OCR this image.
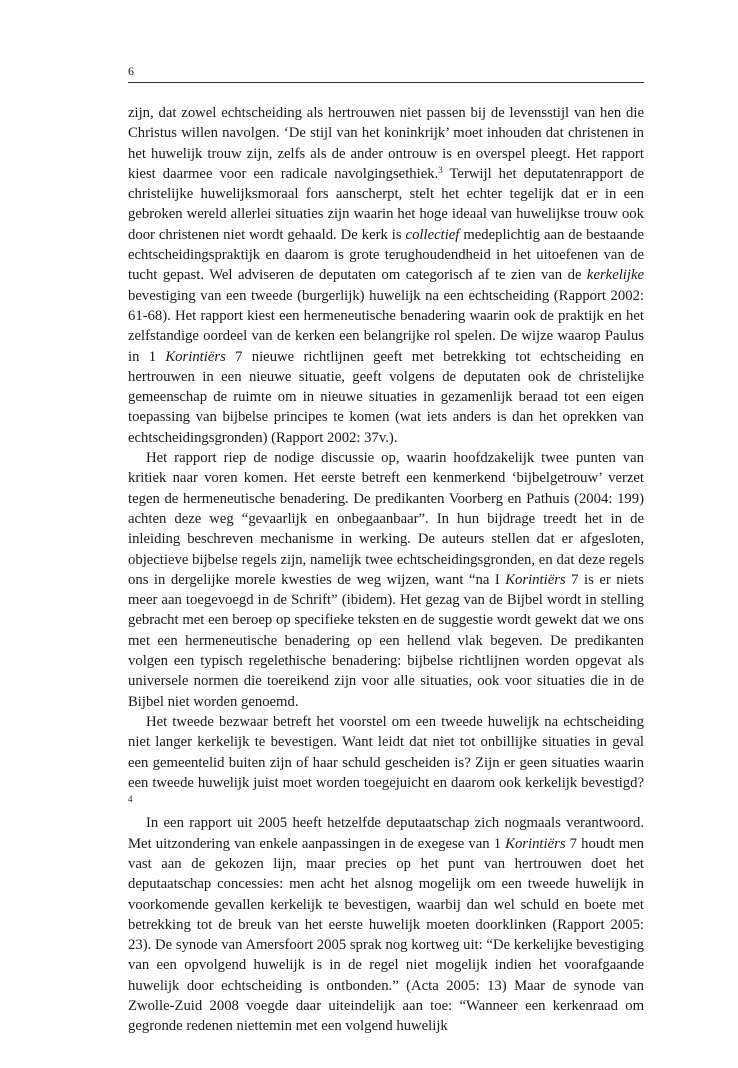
6

zijn, dat zowel echtscheiding als hertrouwen niet passen bij de levensstijl van hen die Christus willen navolgen. ‘De stijl van het koninkrijk’ moet inhouden dat christenen in het huwelijk trouw zijn, zelfs als de ander ontrouw is en overspel pleegt. Het rapport kiest daarmee voor een radicale navolgingsethiek.$^3$ Terwijl het deputatenrapport de christelijke huwelijksmoraal fors aanscherpt, stelt het echter tegelijk dat er in een gebroken wereld allerlei situaties zijn waarin het hoge ideaal van huwelijkse trouw ook door christenen niet wordt gehaald. De kerk is collectief medeplichtig aan de bestaande echtscheidingspraktijk en daarom is grote terughoudendheid in het uitoefenen van de tucht gepast. Wel adviseren de deputaten om categorisch af te zien van de kerkelijke bevestiging van een tweede (burgerlijk) huwelijk na een echtscheiding (Rapport 2002: 61-68). Het rapport kiest een hermeneutische benadering waarin ook de praktijk en het zelfstandige oordeel van de kerken een belangrijke rol spelen. De wijze waarop Paulus in 1 Korintiërs 7 nieuwe richtlijnen geeft met betrekking tot echtscheiding en hertrouwen in een nieuwe situatie, geeft volgens de deputaten ook de christelijke gemeenschap de ruimte om in nieuwe situaties in gezamenlijk beraad tot een eigen toepassing van bijbelse principes te komen (wat iets anders is dan het oprekken van echtscheidingsgronden) (Rapport 2002: 37v.).

Het rapport riep de nodige discussie op, waarin hoofdzakelijk twee punten van kritiek naar voren komen. Het eerste betreft een kenmerkend ‘bijbelgetrouw’ verzet tegen de hermeneutische benadering. De predikanten Voorberg en Pathuis (2004: 199) achten deze weg “gevaarlijk en onbegaanbaar”. In hun bijdrage treedt het in de inleiding beschreven mechanisme in werking. De auteurs stellen dat er afgesloten, objectieve bijbelse regels zijn, namelijk twee echtscheidingsgronden, en dat deze regels ons in dergelijke morele kwesties de weg wijzen, want “na I Korintiërs 7 is er niets meer aan toegevoegd in de Schrift” (ibidem). Het gezag van de Bijbel wordt in stelling gebracht met een beroep op specifieke teksten en de suggestie wordt gewekt dat we ons met een hermeneutische benadering op een hellend vlak begeven. De predikanten volgen een typisch regelethische benadering: bijbelse richtlijnen worden opgevat als universele normen die toereikend zijn voor alle situaties, ook voor situaties die in de Bijbel niet worden genoemd.

Het tweede bezwaar betreft het voorstel om een tweede huwelijk na echtscheiding niet langer kerkelijk te bevestigen. Want leidt dat niet tot onbillijke situaties in geval een gemeentelid buiten zijn of haar schuld gescheiden is? Zijn er geen situaties waarin een tweede huwelijk juist moet worden toegejuicht en daarom ook kerkelijk bevestigd?$^4$

In een rapport uit 2005 heeft hetzelfde deputaatschap zich nogmaals verantwoord. Met uitzondering van enkele aanpassingen in de exegese van 1 Korintiërs 7 houdt men vast aan de gekozen lijn, maar precies op het punt van hertrouwen doet het deputaatschap concessies: men acht het alsnog mogelijk om een tweede huwelijk in voorkomende gevallen kerkelijk te bevestigen, waarbij dan wel schuld en boete met betrekking tot de breuk van het eerste huwelijk moeten doorklinken (Rapport 2005: 23). De synode van Amersfoort 2005 sprak nog kortweg uit: “De kerkelijke bevestiging van een opvolgend huwelijk is in de regel niet mogelijk indien het voorafgaande huwelijk door echtscheiding is ontbonden.” (Acta 2005: 13) Maar de synode van Zwolle-Zuid 2008 voegde daar uiteindelijk aan toe: “Wanneer een kerkenraad om gegronde redenen niettemin met een volgend huwelijk
